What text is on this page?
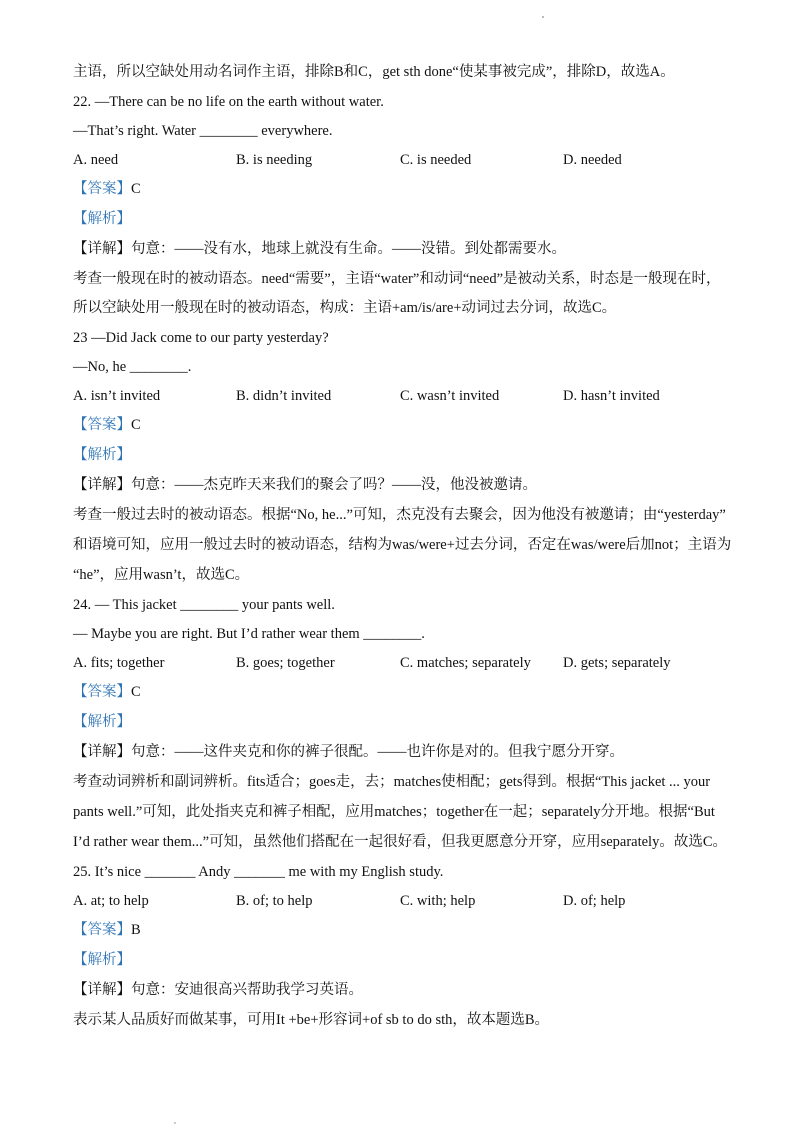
主语，所以空缺处用动名词作主语，排除B和C，get sth done“使某事被完成”，排除D，故选A。
22. —There can be no life on the earth without water.
—That’s right. Water ________ everywhere.
A. need	B. is needing	C. is needed	D. needed
【答案】C
【解析】
【详解】句意：——没有水，地球上就没有生命。——没错。到处都需要水。
考查一般现在时的被动语态。need“需要”，主语“water”和动词“need”是被动关系，时态是一般现在时，
所以空缺处用一般现在时的被动语态，构成：主语+am/is/are+动词过去分词，故选C。
23 —Did Jack come to our party yesterday?
—No, he ________.
A. isn’t invited	B. didn’t invited	C. wasn’t invited	D. hasn’t invited
【答案】C
【解析】
【详解】句意：——杰克昨天来我们的聚会了吗？——没，他没被邀请。
考查一般过去时的被动语态。根据“No, he...”可知，杰克没有去聚会，因为他没有被邀请；由“yesterday”
和语境可知，应用一般过去时的被动语态，结构为was/were+过去分词，否定在was/were后加not；主语为
“he”，应用wasn’t，故选C。
24. — This jacket ________ your pants well.
— Maybe you are right. But I’d rather wear them ________.
A. fits; together	B. goes; together	C. matches; separately D. gets; separately
【答案】C
【解析】
【详解】句意：——这件夹克和你的裤子很配。——也许你是对的。但我宁愿分开穿。
考查动词辨析和副词辨析。fits适合；goes走，去；matches使相配；gets得到。根据“This jacket ... your
pants well.”可知，此处指夹克和裤子相配，应用matches；together在一起；separately分开地。根据“But
I’d rather wear them...”可知，虽然他们搭配在一起很好看，但我更愿意分开穿，应用separately。故选C。
25. It’s nice _______ Andy _______ me with my English study.
A. at; to help	B. of; to help	C. with; help	D. of; help
【答案】B
【解析】
【详解】句意：安迪很高兴帮助我学习英语。
表示某人品质好而做某事，可用It +be+形容词+of sb to do sth，故本题选B。
